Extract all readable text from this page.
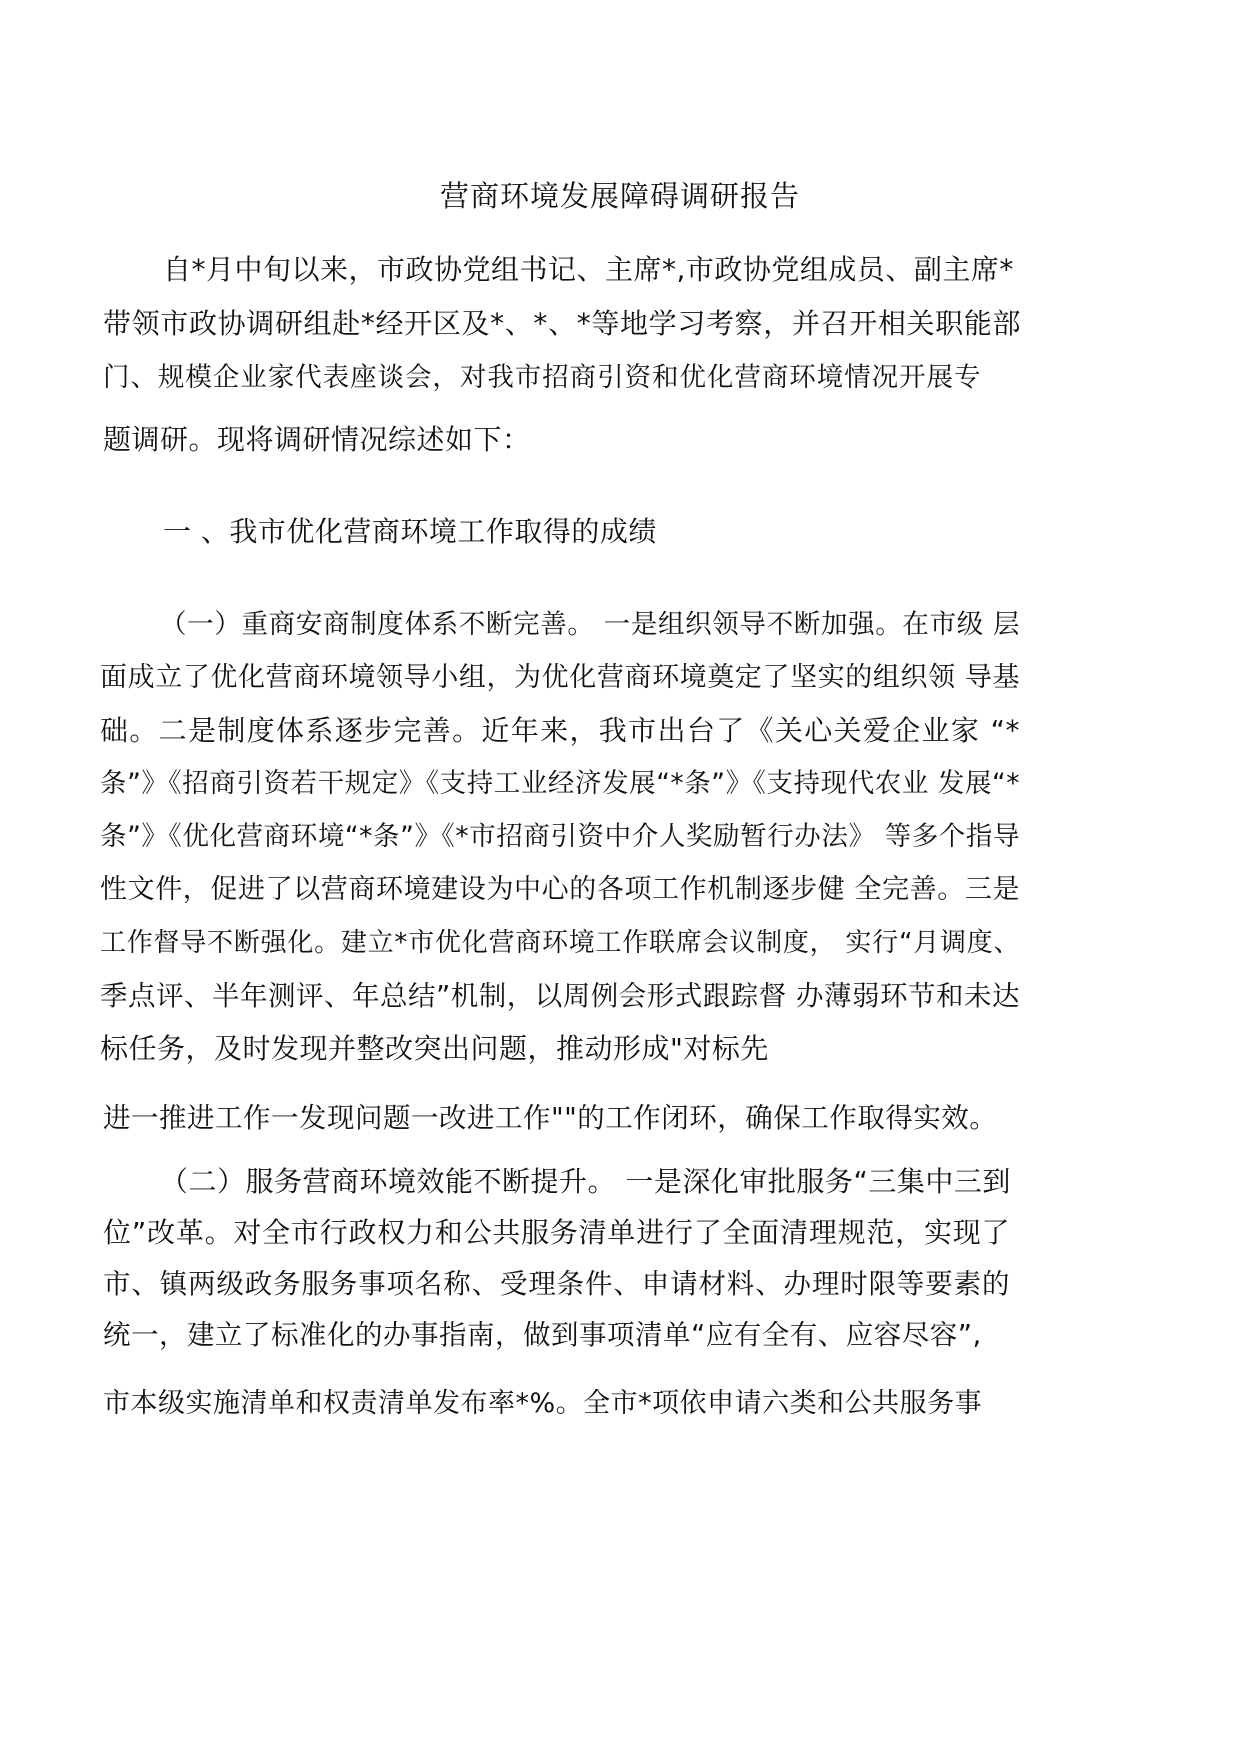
营商环境发展障碍调研报告

自*月中旬以来，市政协党组书记、主席*,市政协党组成员、副主席*

带领市政协调研组赴*经开区及*、*、*等地学习考察，并召开相关职能部

门、规模企业家代表座谈会，对我市招商引资和优化营商环境情况开展专

题调研。现将调研情况综述如下：

一 、我市优化营商环境工作取得的成绩

（一）重商安商制度体系不断完善。 一是组织领导不断加强。在市级 层

面成立了优化营商环境领导小组，为优化营商环境奠定了坚实的组织领 导基

础。二是制度体系逐步完善。近年来，我市出台了《关心关爱企业家 “*

条”》《招商引资若干规定》《支持工业经济发展“*条”》《支持现代农业 发展“*

条”》《优化营商环境“*条”》《*市招商引资中介人奖励暂行办法》 等多个指导

性文件，促进了以营商环境建设为中心的各项工作机制逐步健 全完善。三是

工作督导不断强化。建立*市优化营商环境工作联席会议制度， 实行“月调度、

季点评、半年测评、年总结”机制，以周例会形式跟踪督 办薄弱环节和未达

标任务，及时发现并整改突出问题，推动形成"对标先

进一推进工作一发现问题一改进工作""的工作闭环，确保工作取得实效。

（二）服务营商环境效能不断提升。 一是深化审批服务“三集中三到

位”改革。对全市行政权力和公共服务清单进行了全面清理规范，实现了

市、镇两级政务服务事项名称、受理条件、申请材料、办理时限等要素的

统一，建立了标准化的办事指南，做到事项清单“应有全有、应容尽容”,

市本级实施清单和权责清单发布率*%。全市*项依申请六类和公共服务事
